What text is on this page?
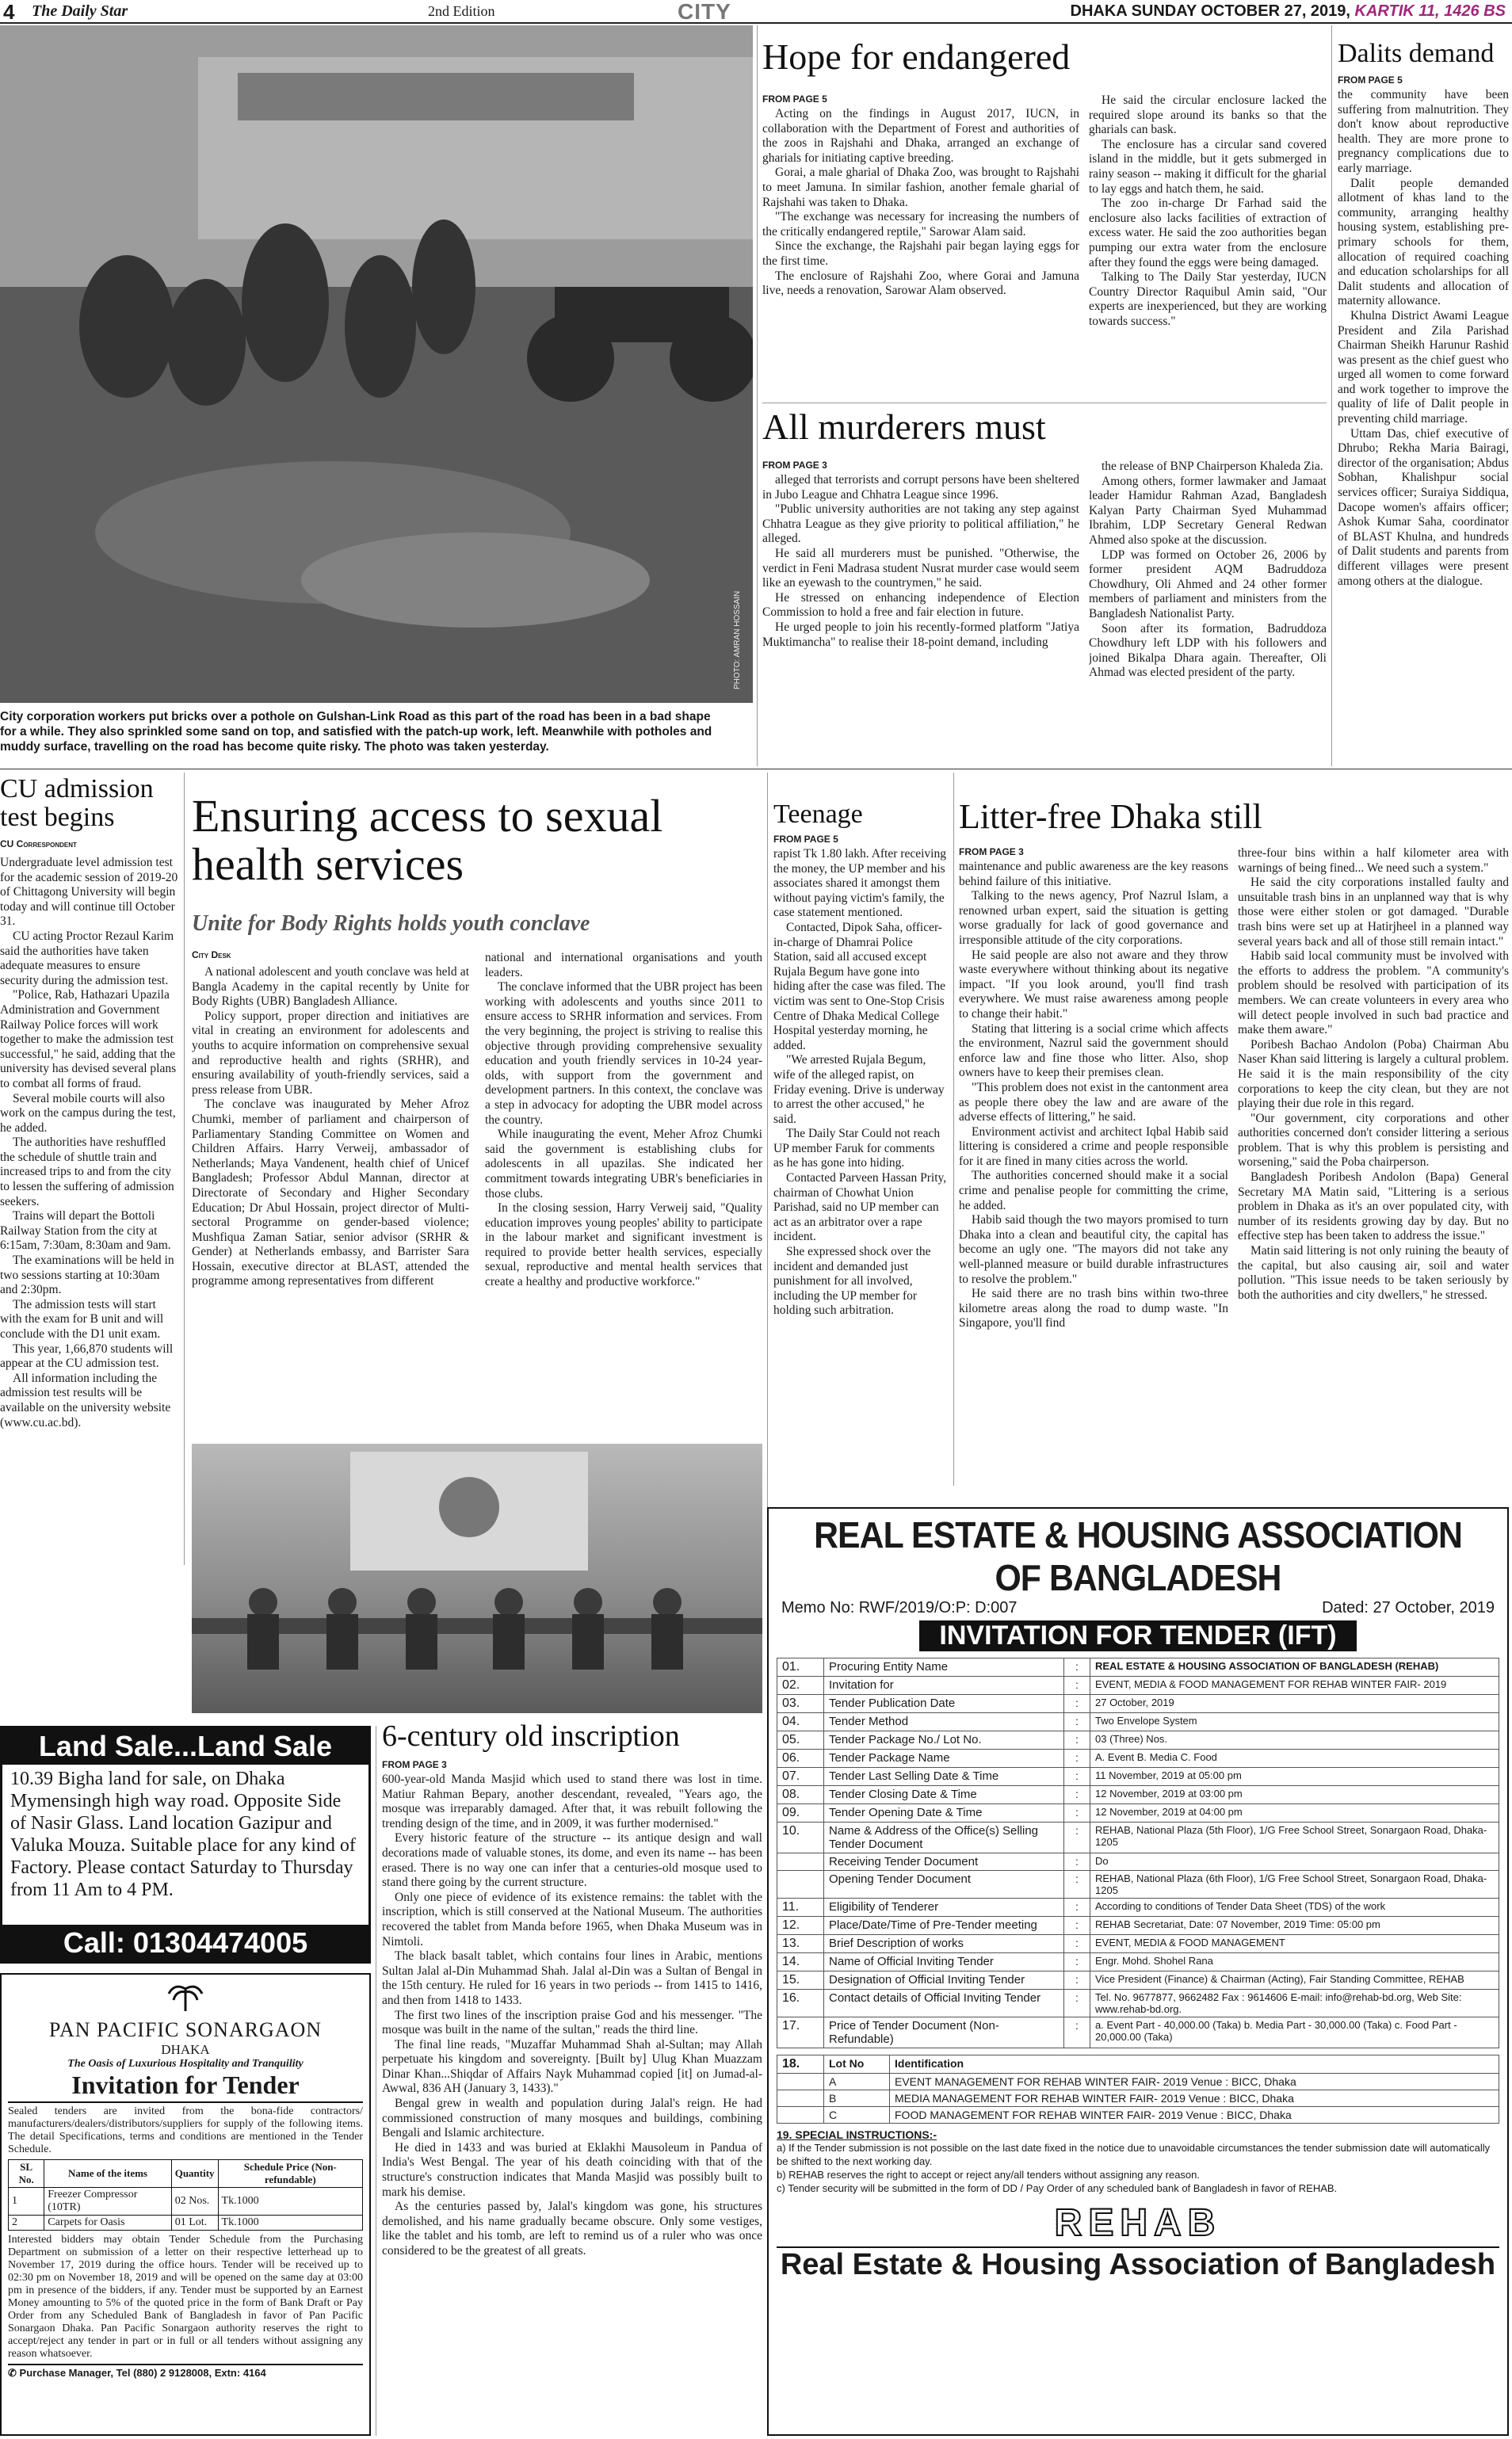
4 The Daily Star	2nd Edition	CITY	DHAKA SUNDAY OCTOBER 27, 2019, KARTIK 11, 1426 BS
PHOTO: AMRAN HOSSAIN
City corporation workers put bricks over a pothole on Gulshan-Link Road as this part of the road has been in a bad shape for a while. They also sprinkled some sand on top, and satisfied with the patch-up work, left. Meanwhile with potholes and muddy surface, travelling on the road has become quite risky. The photo was taken yesterday.
Hope for endangered
FROM PAGE 5

Acting on the findings in August 2017, IUCN, in collaboration with the Department of Forest and authorities of the zoos in Rajshahi and Dhaka, arranged an exchange of gharials for initiating captive breeding.

Gorai, a male gharial of Dhaka Zoo, was brought to Rajshahi to meet Jamuna. In similar fashion, another female gharial of Rajshahi was taken to Dhaka.

"The exchange was necessary for increasing the numbers of the critically endangered reptile," Sarowar Alam said.

Since the exchange, the Rajshahi pair began laying eggs for the first time.

The enclosure of Rajshahi Zoo, where Gorai and Jamuna live, needs a renovation, Sarowar Alam observed.

He said the circular enclosure lacked the required slope around its banks so that the gharials can bask.

The enclosure has a circular sand covered island in the middle, but it gets submerged in rainy season -- making it difficult for the gharial to lay eggs and hatch them, he said.

The zoo in-charge Dr Farhad said the enclosure also lacks facilities of extraction of excess water. He said the zoo authorities began pumping our extra water from the enclosure after they found the eggs were being damaged.

Talking to The Daily Star yesterday, IUCN Country Director Raquibul Amin said, "Our experts are inexperienced, but they are working towards success."

All murderers must
FROM PAGE 3

alleged that terrorists and corrupt persons have been sheltered in Jubo League and Chhatra League since 1996.

"Public university authorities are not taking any step against Chhatra League as they give priority to political affiliation," he alleged.

He said all murderers must be punished. "Otherwise, the verdict in Feni Madrasa student Nusrat murder case would seem like an eyewash to the countrymen," he said.

He stressed on enhancing independence of Election Commission to hold a free and fair election in future.

He urged people to join his recently-formed platform "Jatiya Muktimancha" to realise their 18-point demand, including

the release of BNP Chairperson Khaleda Zia.

Among others, former lawmaker and Jamaat leader Hamidur Rahman Azad, Bangladesh Kalyan Party Chairman Syed Muhammad Ibrahim, LDP Secretary General Redwan Ahmed also spoke at the discussion.

LDP was formed on October 26, 2006 by former president AQM Badruddoza Chowdhury, Oli Ahmed and 24 other former members of parliament and ministers from the Bangladesh Nationalist Party.

Soon after its formation, Badruddoza Chowdhury left LDP with his followers and joined Bikalpa Dhara again. Thereafter, Oli Ahmad was elected president of the party.

Dalits demand
FROM PAGE 5

the community have been suffering from malnutrition. They don't know about reproductive health. They are more prone to pregnancy complications due to early marriage.

Dalit people demanded allotment of khas land to the community, arranging healthy housing system, establishing pre-primary schools for them, allocation of required coaching and education scholarships for all Dalit students and allocation of maternity allowance.

Khulna District Awami League President and Zila Parishad Chairman Sheikh Harunur Rashid was present as the chief guest who urged all women to come forward and work together to improve the quality of life of Dalit people in preventing child marriage.

Uttam Das, chief executive of Dhrubo; Rekha Maria Bairagi, director of the organisation; Abdus Sobhan, Khalishpur social services officer; Suraiya Siddiqua, Dacope women's affairs officer; Ashok Kumar Saha, coordinator of BLAST Khulna, and hundreds of Dalit students and parents from different villages were present among others at the dialogue.

CU admission test begins
CU Correspondent

Undergraduate level admission test for the academic session of 2019-20 of Chittagong University will begin today and will continue till October 31.

CU acting Proctor Rezaul Karim said the authorities have taken adequate measures to ensure security during the admission test.

"Police, Rab, Hathazari Upazila Administration and Government Railway Police forces will work together to make the admission test successful," he said, adding that the university has devised several plans to combat all forms of fraud.

Several mobile courts will also work on the campus during the test, he added.

The authorities have reshuffled the schedule of shuttle train and increased trips to and from the city to lessen the suffering of admission seekers.

Trains will depart the Bottoli Railway Station from the city at 6:15am, 7:30am, 8:30am and 9am.

The examinations will be held in two sessions starting at 10:30am and 2:30pm.

The admission tests will start with the exam for B unit and will conclude with the D1 unit exam.

This year, 1,66,870 students will appear at the CU admission test.

All information including the admission test results will be available on the university website (www.cu.ac.bd).

Ensuring access to sexual health services
Unite for Body Rights holds youth conclave
City Desk

A national adolescent and youth conclave was held at Bangla Academy in the capital recently by Unite for Body Rights (UBR) Bangladesh Alliance.

Policy support, proper direction and initiatives are vital in creating an environment for adolescents and youths to acquire information on comprehensive sexual and reproductive health and rights (SRHR), and ensuring availability of youth-friendly services, said a press release from UBR.

The conclave was inaugurated by Meher Afroz Chumki, member of parliament and chairperson of Parliamentary Standing Committee on Women and Children Affairs. Harry Verweij, ambassador of Netherlands; Maya Vandenent, health chief of Unicef Bangladesh; Professor Abdul Mannan, director at Directorate of Secondary and Higher Secondary Education; Dr Abul Hossain, project director of Multi-sectoral Programme on gender-based violence; Mushfiqua Zaman Satiar, senior advisor (SRHR & Gender) at Netherlands embassy, and Barrister Sara Hossain, executive director at BLAST, attended the programme among representatives from different

national and international organisations and youth leaders.

The conclave informed that the UBR project has been working with adolescents and youths since 2011 to ensure access to SRHR information and services. From the very beginning, the project is striving to realise this objective through providing comprehensive sexuality education and youth friendly services in 10-24 year-olds, with support from the government and development partners. In this context, the conclave was a step in advocacy for adopting the UBR model across the country.

While inaugurating the event, Meher Afroz Chumki said the government is establishing clubs for adolescents in all upazilas. She indicated her commitment towards integrating UBR's beneficiaries in those clubs.

In the closing session, Harry Verweij said, "Quality education improves young peoples' ability to participate in the labour market and significant investment is required to provide better health services, especially sexual, reproductive and mental health services that create a healthy and productive workforce."

Teenage
FROM PAGE 5

rapist Tk 1.80 lakh. After receiving the money, the UP member and his associates shared it amongst them without paying victim's family, the case statement mentioned.

Contacted, Dipok Saha, officer-in-charge of Dhamrai Police Station, said all accused except Rujala Begum have gone into hiding after the case was filed. The victim was sent to One-Stop Crisis Centre of Dhaka Medical College Hospital yesterday morning, he added.

"We arrested Rujala Begum, wife of the alleged rapist, on Friday evening. Drive is underway to arrest the other accused," he said.

The Daily Star Could not reach UP member Faruk for comments as he has gone into hiding.

Contacted Parveen Hassan Prity, chairman of Chowhat Union Parishad, said no UP member can act as an arbitrator over a rape incident.

She expressed shock over the incident and demanded just punishment for all involved, including the UP member for holding such arbitration.

Litter-free Dhaka still
FROM PAGE 3

maintenance and public awareness are the key reasons behind failure of this initiative.

Talking to the news agency, Prof Nazrul Islam, a renowned urban expert, said the situation is getting worse gradually for lack of good governance and irresponsible attitude of the city corporations.

He said people are also not aware and they throw waste everywhere without thinking about its negative impact. "If you look around, you'll find trash everywhere. We must raise awareness among people to change their habit."

Stating that littering is a social crime which affects the environment, Nazrul said the government should enforce law and fine those who litter. Also, shop owners have to keep their premises clean.

"This problem does not exist in the cantonment area as people there obey the law and are aware of the adverse effects of littering," he said.

Environment activist and architect Iqbal Habib said littering is considered a crime and people responsible for it are fined in many cities across the world.

The authorities concerned should make it a social crime and penalise people for committing the crime, he added.

Habib said though the two mayors promised to turn Dhaka into a clean and beautiful city, the capital has become an ugly one. "The mayors did not take any well-planned measure or build durable infrastructures to resolve the problem."

He said there are no trash bins within two-three kilometre areas along the road to dump waste. "In Singapore, you'll find

three-four bins within a half kilometer area with warnings of being fined... We need such a system."

He said the city corporations installed faulty and unsuitable trash bins in an unplanned way that is why those were either stolen or got damaged. "Durable trash bins were set up at Hatirjheel in a planned way several years back and all of those still remain intact."

Habib said local community must be involved with the efforts to address the problem. "A community's problem should be resolved with participation of its members. We can create volunteers in every area who will detect people involved in such bad practice and make them aware."

Poribesh Bachao Andolon (Poba) Chairman Abu Naser Khan said littering is largely a cultural problem. He said it is the main responsibility of the city corporations to keep the city clean, but they are not playing their due role in this regard.

"Our government, city corporations and other authorities concerned don't consider littering a serious problem. That is why this problem is persisting and worsening," said the Poba chairperson.

Bangladesh Poribesh Andolon (Bapa) General Secretary MA Matin said, "Littering is a serious problem in Dhaka as it's an over populated city, with number of its residents growing day by day. But no effective step has been taken to address the issue."

Matin said littering is not only ruining the beauty of the capital, but also causing air, soil and water pollution. "This issue needs to be taken seriously by both the authorities and city dwellers," he stressed.

Land Sale...Land Sale
10.39 Bigha land for sale, on Dhaka Mymensingh high way road. Opposite Side of Nasir Glass. Land location Gazipur and Valuka Mouza. Suitable place for any kind of Factory. Please contact Saturday to Thursday from 11 Am to 4 PM.
Call: 01304474005
PAN PACIFIC SONARGAON
DHAKA
The Oasis of Luxurious Hospitality and Tranquility
Invitation for Tender
Sealed tenders are invited from the bona-fide contractors/ manufacturers/dealers/distributors/suppliers for supply of the following items. The detail Specifications, terms and conditions are mentioned in the Tender Schedule.
SL No.	Name of the items	Quantity	Schedule Price (Non-refundable)
1	Freezer Compressor (10TR)	02 Nos.	Tk.1000
2	Carpets for Oasis	01 Lot.	Tk.1000
Interested bidders may obtain Tender Schedule from the Purchasing Department on submission of a letter on their respective letterhead up to November 17, 2019 during the office hours. Tender will be received up to 02:30 pm on November 18, 2019 and will be opened on the same day at 03:00 pm in presence of the bidders, if any. Tender must be supported by an Earnest Money amounting to 5% of the quoted price in the form of Bank Draft or Pay Order from any Scheduled Bank of Bangladesh in favor of Pan Pacific Sonargaon Dhaka. Pan Pacific Sonargaon authority reserves the right to accept/reject any tender in part or in full or all tenders without assigning any reason whatsoever.
✆ Purchase Manager, Tel (880) 2 9128008, Extn: 4164
6-century old inscription
FROM PAGE 3

600-year-old Manda Masjid which used to stand there was lost in time. Matiur Rahman Bepary, another descendant, revealed, "Years ago, the mosque was irreparably damaged. After that, it was rebuilt following the trending design of the time, and in 2009, it was further modernised."

Every historic feature of the structure -- its antique design and wall decorations made of valuable stones, its dome, and even its name -- has been erased. There is no way one can infer that a centuries-old mosque used to stand there going by the current structure.

Only one piece of evidence of its existence remains: the tablet with the inscription, which is still conserved at the National Museum. The authorities recovered the tablet from Manda before 1965, when Dhaka Museum was in Nimtoli.

The black basalt tablet, which contains four lines in Arabic, mentions Sultan Jalal al-Din Muhammad Shah. Jalal al-Din was a Sultan of Bengal in the 15th century. He ruled for 16 years in two periods -- from 1415 to 1416, and then from 1418 to 1433.

The first two lines of the inscription praise God and his messenger. "The mosque was built in the name of the sultan," reads the third line.

The final line reads, "Muzaffar Muhammad Shah al-Sultan; may Allah perpetuate his kingdom and sovereignty. [Built by] Ulug Khan Muazzam Dinar Khan...Shiqdar of Affairs Nayk Muhammad copied [it] on Jumad-al-Awwal, 836 AH (January 3, 1433)."

Bengal grew in wealth and population during Jalal's reign. He had commissioned construction of many mosques and buildings, combining Bengali and Islamic architecture.

He died in 1433 and was buried at Eklakhi Mausoleum in Pandua of India's West Bengal. The year of his death coinciding with that of the structure's construction indicates that Manda Masjid was possibly built to mark his demise.

As the centuries passed by, Jalal's kingdom was gone, his structures demolished, and his name gradually became obscure. Only some vestiges, like the tablet and his tomb, are left to remind us of a ruler who was once considered to be the greatest of all greats.

REAL ESTATE & HOUSING ASSOCIATION OF BANGLADESH
Memo No: RWF/2019/O:P: D:007	Dated: 27 October, 2019
INVITATION FOR TENDER (IFT)
01.	Procuring Entity Name	:	REAL ESTATE & HOUSING ASSOCIATION OF BANGLADESH (REHAB)
02.	Invitation for	:	EVENT, MEDIA & FOOD MANAGEMENT FOR REHAB WINTER FAIR- 2019
03.	Tender Publication Date	:	27 October, 2019
04.	Tender Method	:	Two Envelope System
05.	Tender Package No./ Lot No.	:	03 (Three) Nos.
06.	Tender Package Name	:	A. Event B. Media C. Food
07.	Tender Last Selling Date & Time	:	11 November, 2019 at 05:00 pm
08.	Tender Closing Date & Time	:	12 November, 2019 at 03:00 pm
09.	Tender Opening Date & Time	:	12 November, 2019 at 04:00 pm
10.	Name & Address of the Office(s) Selling Tender Document	:	REHAB, National Plaza (5th Floor), 1/G Free School Street, Sonargaon Road, Dhaka-1205
	Receiving Tender Document	:	Do
	Opening Tender Document	:	REHAB, National Plaza (6th Floor), 1/G Free School Street, Sonargaon Road, Dhaka-1205
11.	Eligibility of Tenderer	:	According to conditions of Tender Data Sheet (TDS) of the work
12.	Place/Date/Time of Pre-Tender meeting	:	REHAB Secretariat, Date: 07 November, 2019 Time: 05:00 pm
13.	Brief Description of works	:	EVENT, MEDIA & FOOD MANAGEMENT
14.	Name of Official Inviting Tender	:	Engr. Mohd. Shohel Rana
15.	Designation of Official Inviting Tender	:	Vice President (Finance) & Chairman (Acting), Fair Standing Committee, REHAB
16.	Contact details of Official Inviting Tender	:	Tel. No. 9677877, 9662482 Fax : 9614606 E-mail: info@rehab-bd.org, Web Site: www.rehab-bd.org.
17.	Price of Tender Document (Non-Refundable)	:	a. Event Part - 40,000.00 (Taka) b. Media Part - 30,000.00 (Taka) c. Food Part - 20,000.00 (Taka)
18.	Lot No	Identification
	A	EVENT MANAGEMENT FOR REHAB WINTER FAIR- 2019 Venue : BICC, Dhaka
	B	MEDIA MANAGEMENT FOR REHAB WINTER FAIR- 2019 Venue : BICC, Dhaka
	C	FOOD MANAGEMENT FOR REHAB WINTER FAIR- 2019 Venue : BICC, Dhaka
19. SPECIAL INSTRUCTIONS:-
a) If the Tender submission is not possible on the last date fixed in the notice due to unavoidable circumstances the tender submission date will automatically be shifted to the next working day.
b) REHAB reserves the right to accept or reject any/all tenders without assigning any reason.
c) Tender security will be submitted in the form of DD / Pay Order of any scheduled bank of Bangladesh in favor of REHAB.
REHAB
Real Estate & Housing Association of Bangladesh
